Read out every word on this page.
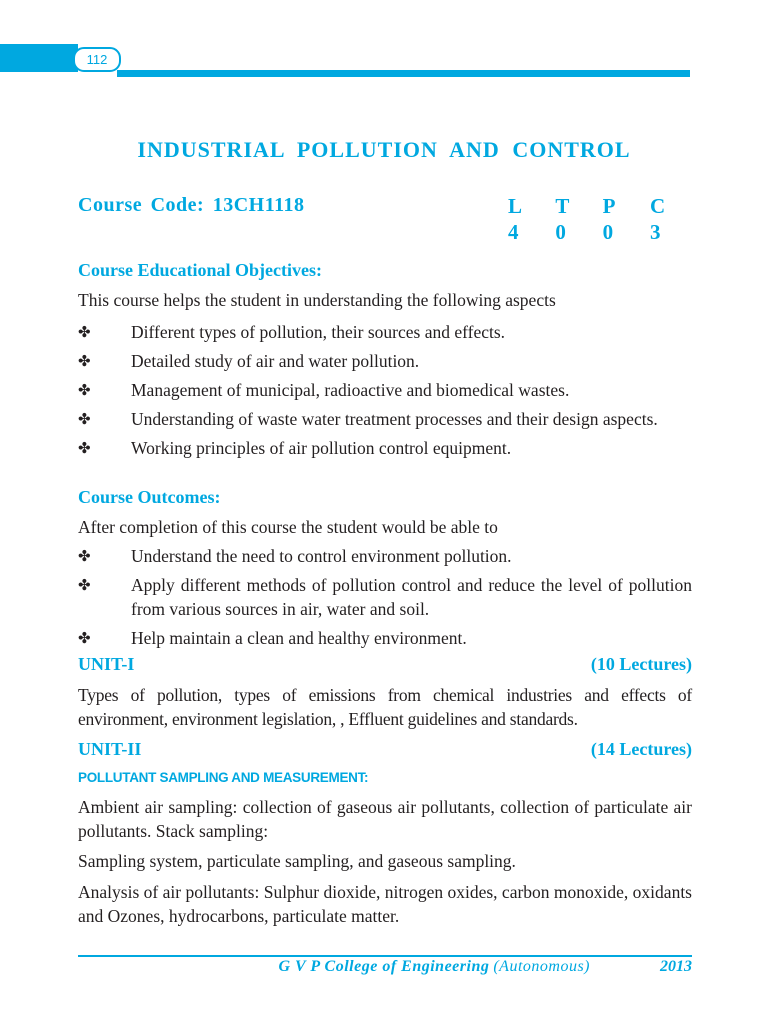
112
INDUSTRIAL POLLUTION AND CONTROL
Course Code: 13CH1118	L T P C
4	0	0	3
Course Educational Objectives:
This course helps the student in understanding the following aspects
✤ Different types of pollution, their sources and effects.
✤ Detailed study of air and water pollution.
✤ Management of municipal, radioactive and biomedical wastes.
✤ Understanding of waste water treatment processes and their design aspects.
✤ Working principles of air pollution control equipment.
Course Outcomes:
After completion of this course the student would be able to
✤ Understand the need to control environment pollution.
✤ Apply different methods of pollution control and reduce the level of pollution from various sources in air, water and soil.
✤ Help maintain a clean and healthy environment.
UNIT-I	(10 Lectures)
Types of pollution, types of emissions from chemical industries and effects of environment, environment legislation, , Effluent guidelines and standards.
UNIT-II	(14 Lectures)
POLLUTANT SAMPLING AND MEASUREMENT:
Ambient air sampling: collection of gaseous air pollutants, collection of particulate air pollutants. Stack sampling:
Sampling system, particulate sampling, and gaseous sampling.
Analysis of air pollutants: Sulphur dioxide, nitrogen oxides, carbon monoxide, oxidants and Ozones, hydrocarbons, particulate matter.
G V P College of Engineering (Autonomous)	2013
